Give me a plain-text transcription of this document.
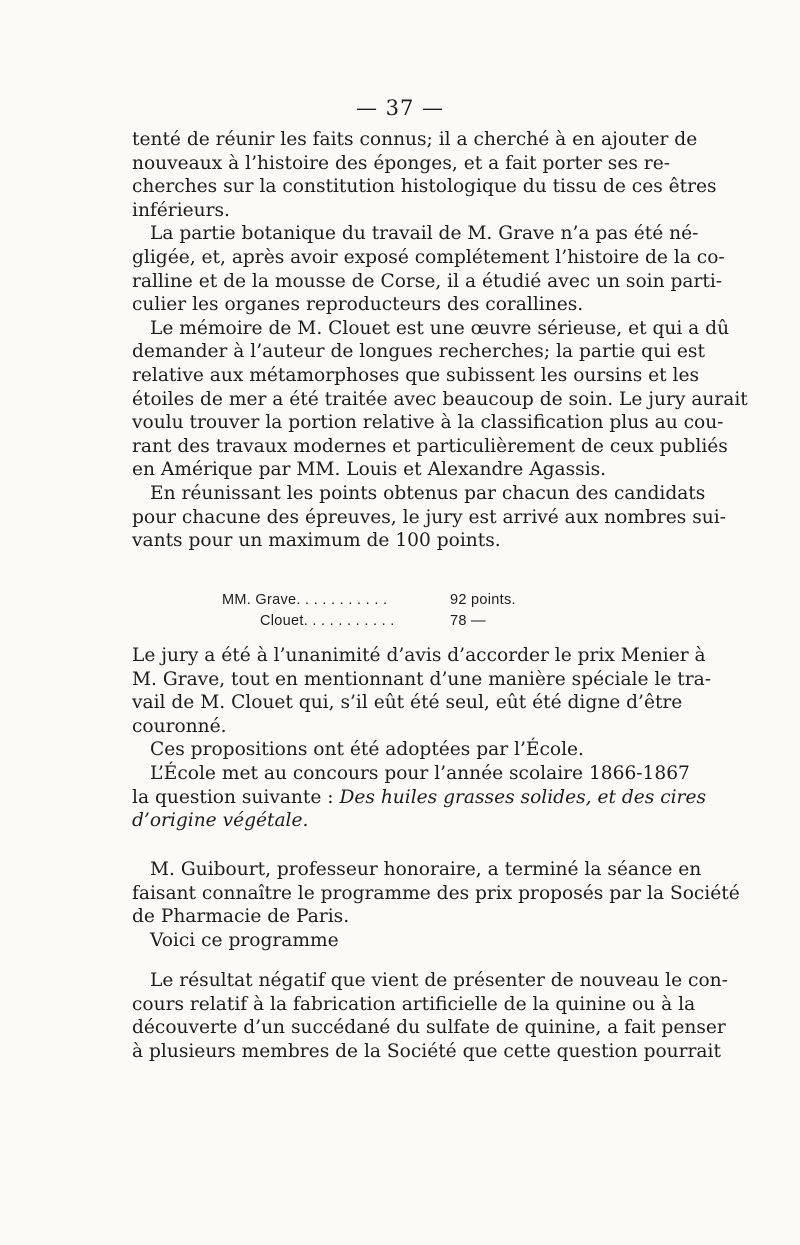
— 37 —
tenté de réunir les faits connus; il a cherché à en ajouter de
nouveaux à l’histoire des éponges, et a fait porter ses re-
cherches sur la constitution histologique du tissu de ces êtres
inférieurs.
La partie botanique du travail de M. Grave n’a pas été né-
gligée, et, après avoir exposé complétement l’histoire de la co-
ralline et de la mousse de Corse, il a étudié avec un soin parti-
culier les organes reproducteurs des corallines.
Le mémoire de M. Clouet est une œuvre sérieuse, et qui a dû
demander à l’auteur de longues recherches; la partie qui est
relative aux métamorphoses que subissent les oursins et les
étoiles de mer a été traitée avec beaucoup de soin. Le jury aurait
voulu trouver la portion relative à la classification plus au cou-
rant des travaux modernes et particulièrement de ceux publiés
en Amérique par MM. Louis et Alexandre Agassis.
En réunissant les points obtenus par chacun des candidats
pour chacune des épreuves, le jury est arrivé aux nombres sui-
vants pour un maximum de 100 points.
MM. Grave. . . . . . . . . . .	92 points.
Clouet. . . . . . . . . . .	78 —
Le jury a été à l’unanimité d’avis d’accorder le prix Menier à
M. Grave, tout en mentionnant d’une manière spéciale le tra-
vail de M. Clouet qui, s’il eût été seul, eût été digne d’être
couronné.
Ces propositions ont été adoptées par l’École.
L’École met au concours pour l’année scolaire 1866-1867
la question suivante : Des huiles grasses solides, et des cires
d’origine végétale.
M. Guibourt, professeur honoraire, a terminé la séance en
faisant connaître le programme des prix proposés par la Société
de Pharmacie de Paris.
Voici ce programme
Le résultat négatif que vient de présenter de nouveau le con-
cours relatif à la fabrication artificielle de la quinine ou à la
découverte d’un succédané du sulfate de quinine, a fait penser
à plusieurs membres de la Société que cette question pourrait
